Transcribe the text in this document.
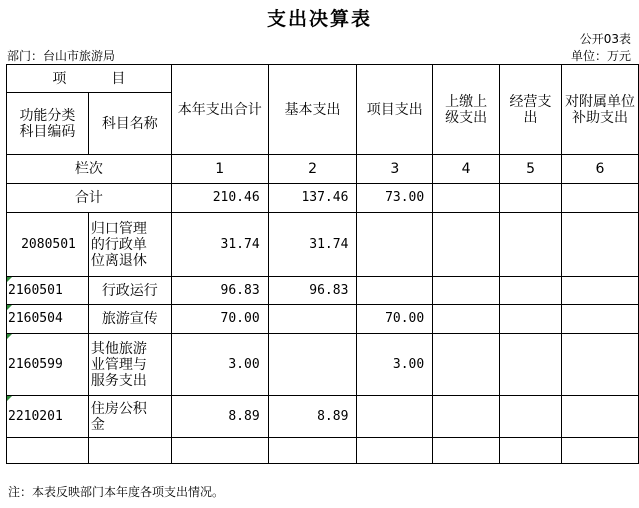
支出决算表
公开03表
部门：台山市旅游局	单位：万元
项 目		本年支出合计	基本支出	项目支出	上缴上级支出	经营支出	对附属单位补助支出
功能分类科目编码	科目名称						
栏次		1	2	3	4	5	6
合计		210.46	137.46	73.00			
2080501	归口管理的行政单位离退休	31.74	31.74				

2160501	行政运行	96.83	96.83				

2160504	旅游宣传	70.00		70.00			

2160599	其他旅游业管理与服务支出	3.00		3.00			

2210201	住房公积金	8.89	8.89				

注：本表反映部门本年度各项支出情况。
